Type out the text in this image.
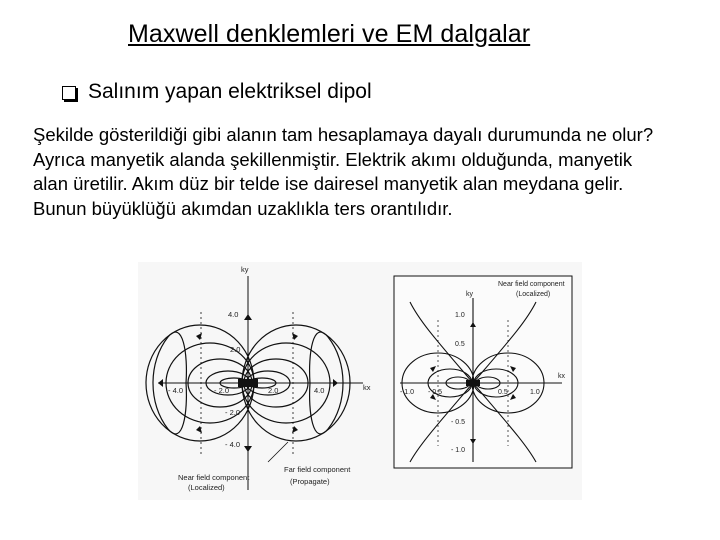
Maxwell denklemleri ve EM dalgalar
Salınım yapan elektriksel dipol
Şekilde gösterildiği gibi alanın tam hesaplamaya dayalı durumunda ne olur?
Ayrıca manyetik alanda şekillenmiştir. Elektrik akımı olduğunda, manyetik
alan üretilir. Akım düz bir telde ise dairesel manyetik alan meydana gelir.
Bunun büyüklüğü akımdan uzaklıkla ters orantılıdır.
ky
kx
4.0
2.0
- 2.0
- 4.0
- 4.0	- 2.0	2.0	4.0
Near field component
(Localized)
Far field component
(Propagate)
Near field component
(Localized)
ky
kx
1.0
0.5
- 0.5
- 1.0
- 1.0 - 0.5	0.5	1.0
